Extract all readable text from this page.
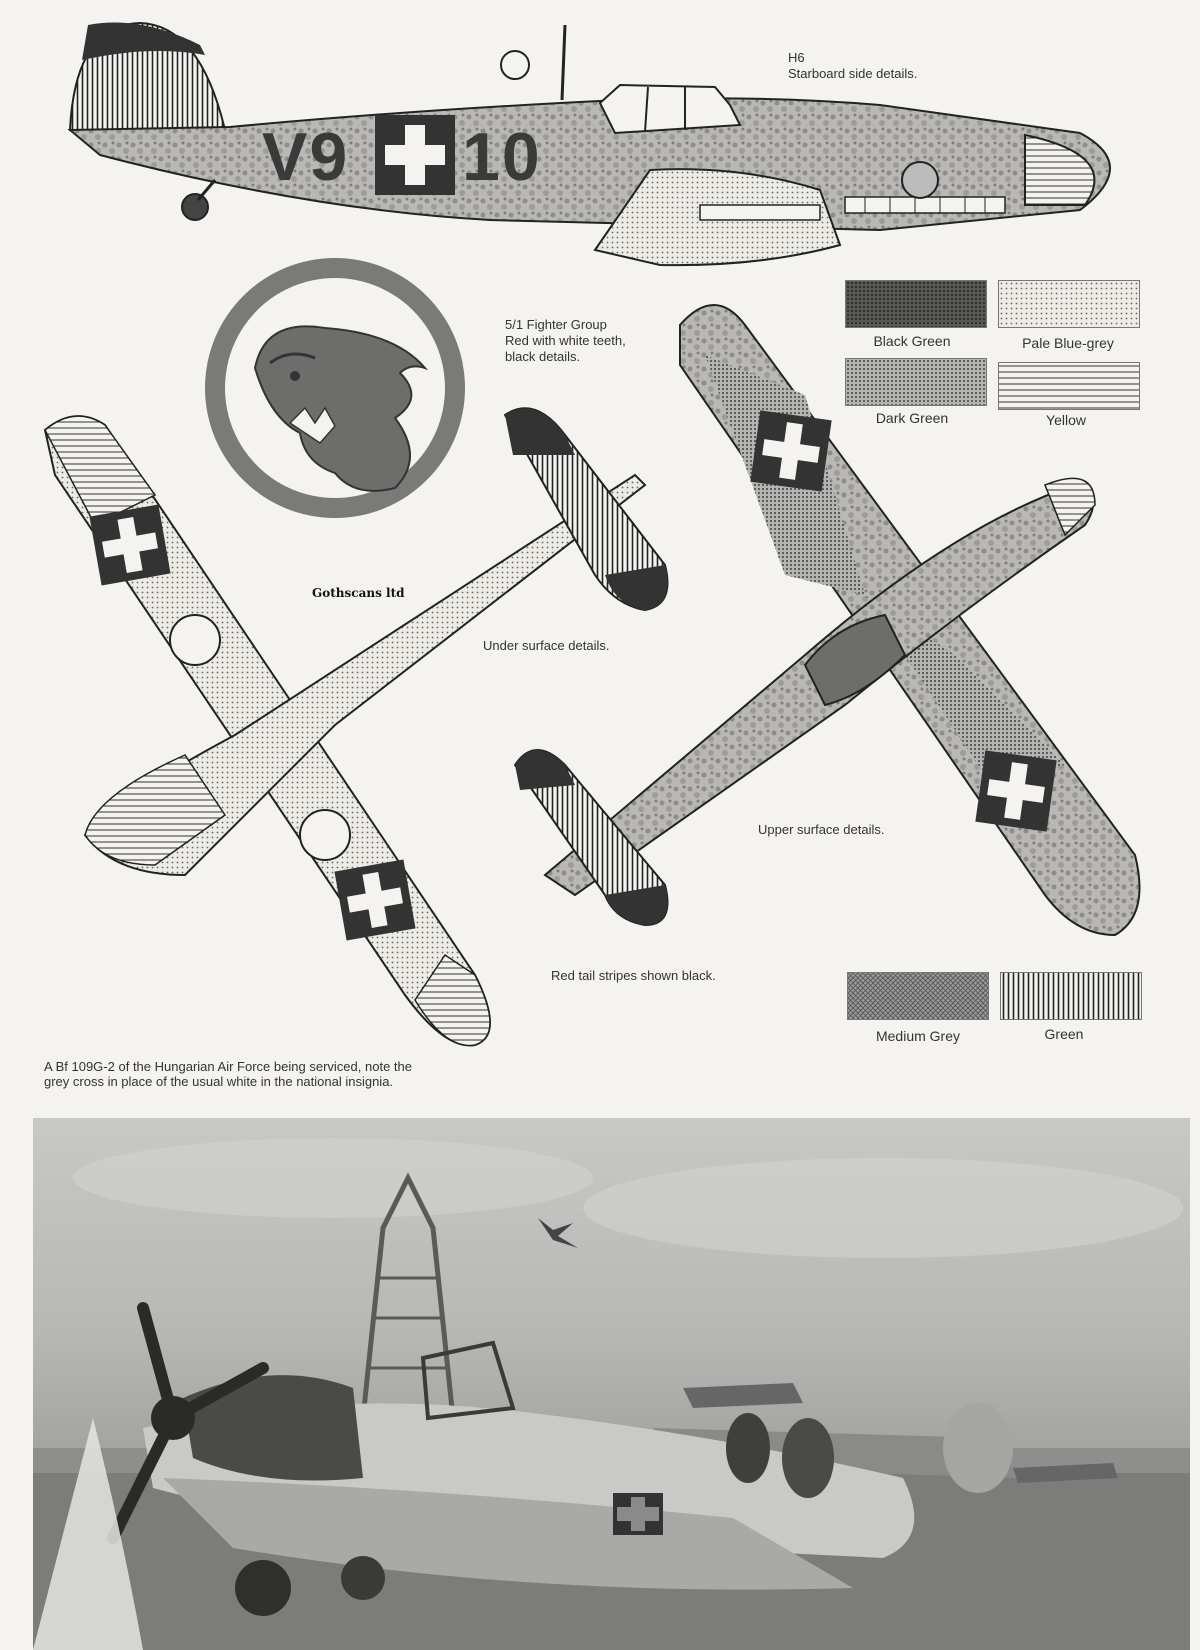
V9 10
H6
Starboard side details.
5/1 Fighter Group
Red with white teeth,
black details.
Gothscans ltd
Under surface details.
Upper surface details.
Red tail stripes shown black.
Black Green	Pale Blue-grey
Dark Green	Yellow
Medium Grey	Green
A Bf 109G-2 of the Hungarian Air Force being serviced, note the grey cross in place of the usual white in the national insignia.
